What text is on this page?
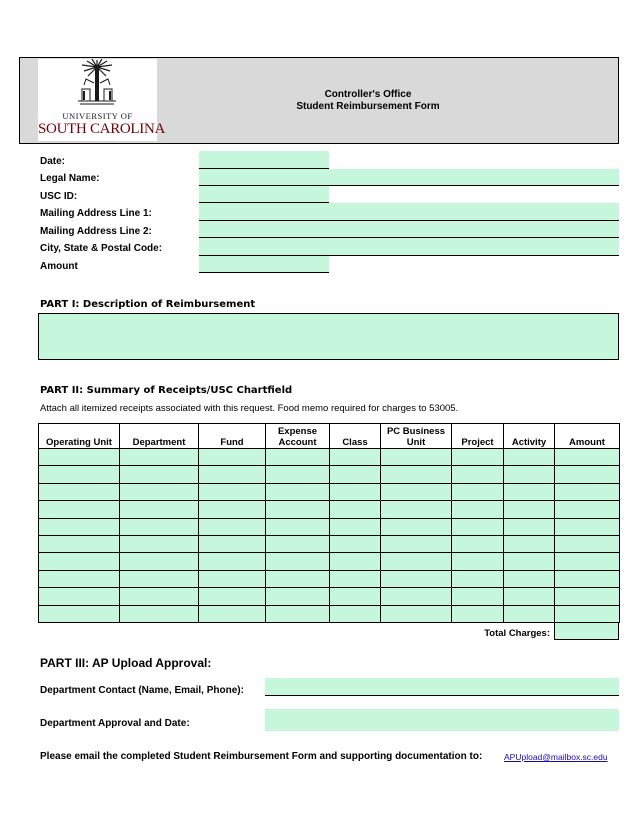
UNIVERSITY OF
SOUTH CAROLINA
Controller's Office
Student Reimbursement Form
Date:
Legal Name:
USC ID:
Mailing Address Line 1:
Mailing Address Line 2:
City, State & Postal Code:
Amount
PART I: Description of Reimbursement
PART II: Summary of Receipts/USC Chartfield
Attach all itemized receipts associated with this request. Food memo required for charges to 53005.
Operating Unit	Department	Fund	Expense Account	Class	PC Business Unit	Project	Activity	Amount

Total Charges:
PART III: AP Upload Approval:
Department Contact (Name, Email, Phone):
Department Approval and Date:
Please email the completed Student Reimbursement Form and supporting documentation to:	APUpload@mailbox.sc.edu
